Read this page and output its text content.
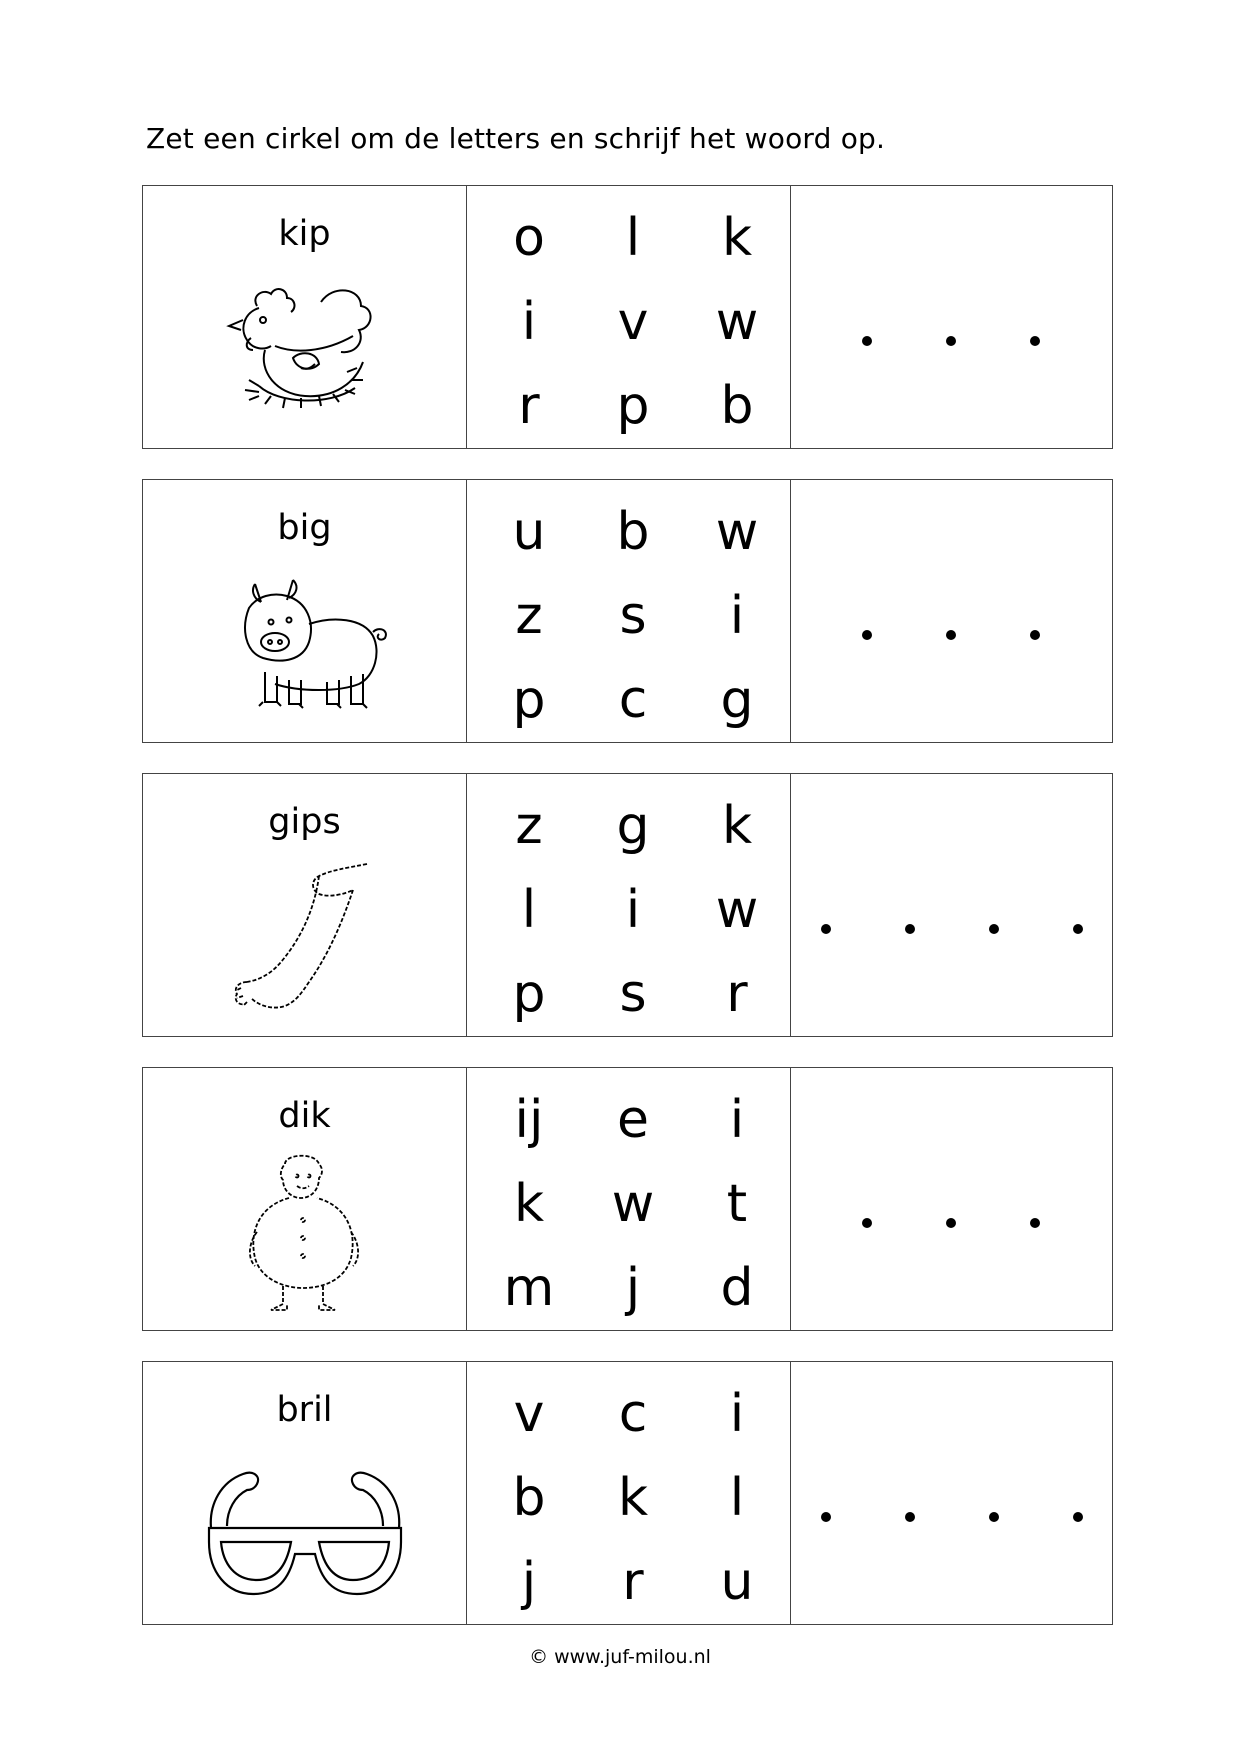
Zet een cirkel om de letters en schrijf het woord op.
kip	o	l	k
i	v	w
r	p	b
big	u	b	w
z	s	i
p	c	g
gips	z	g	k
l	i	w
p	s	r
dik	ij	e	i
k	w	t
m	j	d
bril	v	c	i
b	k	l
j	r	u
© www.juf-milou.nl
